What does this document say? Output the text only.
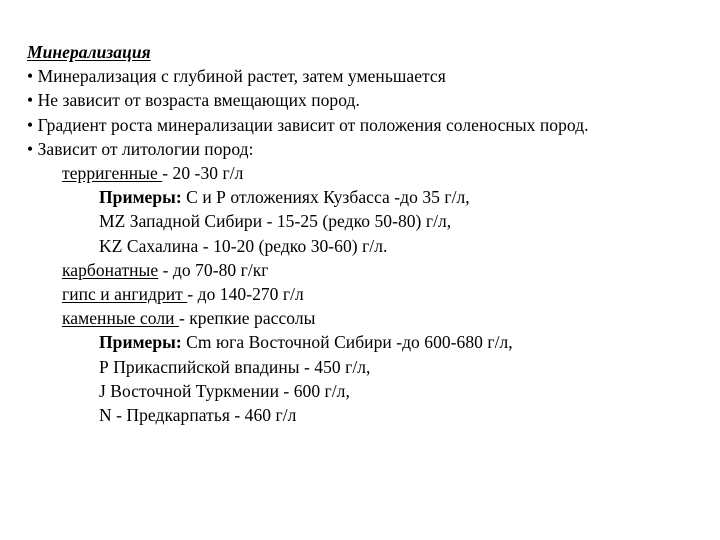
Минерализация
• Минерализация с глубиной растет, затем уменьшается
• Не зависит от возраста вмещающих пород.
• Градиент роста минерализации зависит от положения соленосных пород.
• Зависит от литологии пород:
терригенные - 20 -30 г/л
Примеры: С и Р отложениях Кузбасса -до 35 г/л,
MZ Западной Сибири - 15-25 (редко 50-80) г/л,
KZ Сахалина - 10-20 (редко 30-60) г/л.
карбонатные - до 70-80 г/кг
гипс и ангидрит - до 140-270 г/л
каменные соли - крепкие рассолы
Примеры: Cm юга Восточной Сибири -до 600-680 г/л,
Р Прикаспийской впадины - 450 г/л,
J Восточной Туркмении - 600 г/л,
N - Предкарпатья - 460 г/л
